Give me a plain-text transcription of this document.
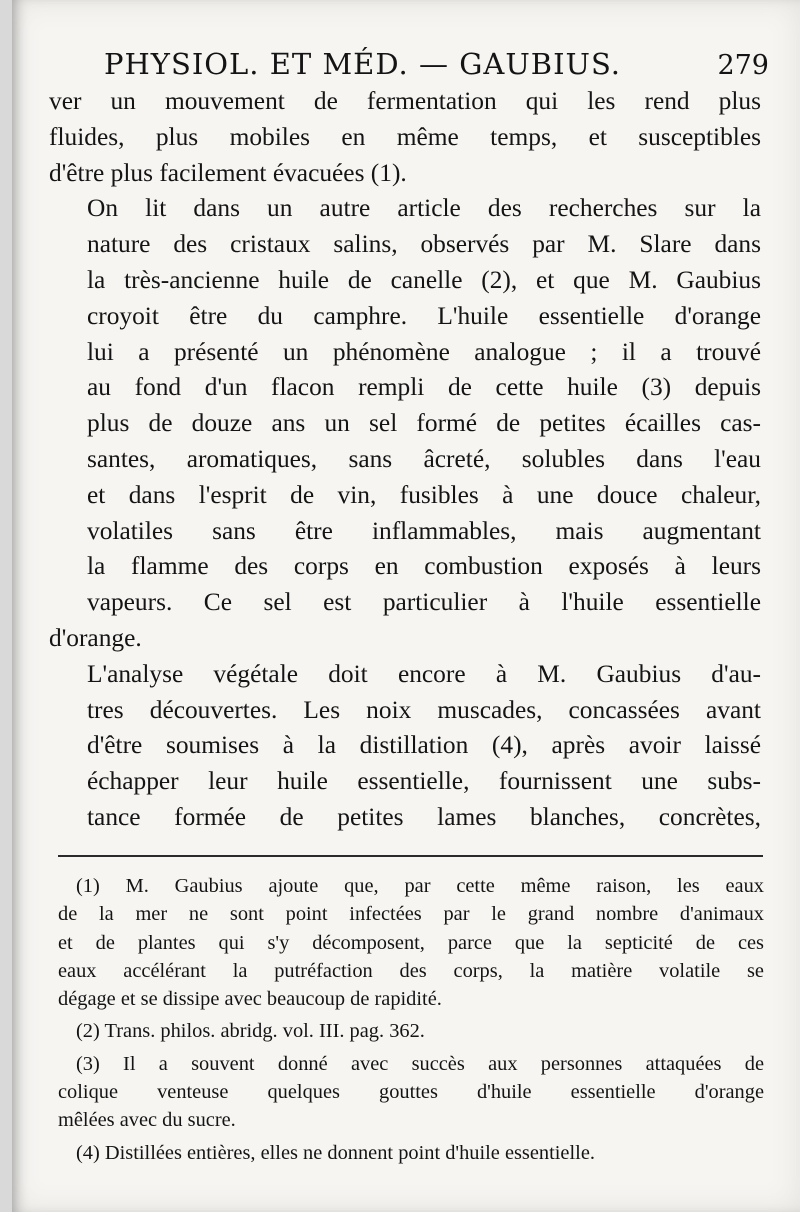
PHYSIOL. ET MÉD. — GAUBIUS.	279

ver un mouvement de fermentation qui les rend plus
fluides, plus mobiles en même temps, et susceptibles
d'être plus facilement évacuées (1).

On lit dans un autre article des recherches sur la
nature des cristaux salins, observés par M. Slare dans
la très-ancienne huile de canelle (2), et que M. Gaubius
croyoit être du camphre. L'huile essentielle d'orange
lui a présenté un phénomène analogue ; il a trouvé
au fond d'un flacon rempli de cette huile (3) depuis
plus de douze ans un sel formé de petites écailles cas-
santes, aromatiques, sans âcreté, solubles dans l'eau
et dans l'esprit de vin, fusibles à une douce chaleur,
volatiles sans être inflammables, mais augmentant
la flamme des corps en combustion exposés à leurs
vapeurs. Ce sel est particulier à l'huile essentielle
d'orange.

L'analyse végétale doit encore à M. Gaubius d'au-
tres découvertes. Les noix muscades, concassées avant
d'être soumises à la distillation (4), après avoir laissé
échapper leur huile essentielle, fournissent une subs-
tance formée de petites lames blanches, concrètes,

(1) M. Gaubius ajoute que, par cette même raison, les eaux
de la mer ne sont point infectées par le grand nombre d'animaux
et de plantes qui s'y décomposent, parce que la septicité de ces
eaux accélérant la putréfaction des corps, la matière volatile se
dégage et se dissipe avec beaucoup de rapidité.
(2) Trans. philos. abridg. vol. III. pag. 362.
(3) Il a souvent donné avec succès aux personnes attaquées de
colique venteuse quelques gouttes d'huile essentielle d'orange
mêlées avec du sucre.
(4) Distillées entières, elles ne donnent point d'huile essentielle.
